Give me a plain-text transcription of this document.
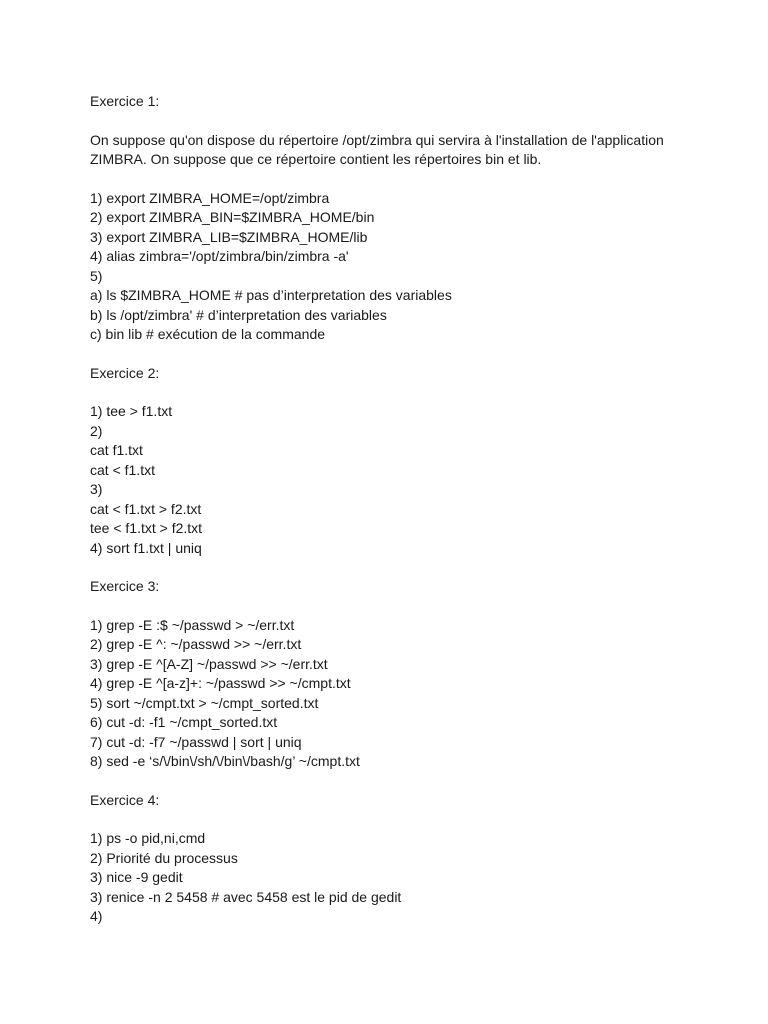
Exercice 1:
On suppose qu'on dispose du répertoire /opt/zimbra qui servira à l'installation de l'application
ZIMBRA. On suppose que ce répertoire contient les répertoires bin et lib.
1) export ZIMBRA_HOME=/opt/zimbra
2) export ZIMBRA_BIN=$ZIMBRA_HOME/bin
3) export ZIMBRA_LIB=$ZIMBRA_HOME/lib
4) alias zimbra='/opt/zimbra/bin/zimbra -a'
5)
a) ls $ZIMBRA_HOME # pas d’interpretation des variables
b) ls /opt/zimbra' # d’interpretation des variables
c) bin lib # exécution de la commande
Exercice 2:
1) tee > f1.txt
2)
cat f1.txt
cat < f1.txt
3)
cat < f1.txt > f2.txt
tee < f1.txt > f2.txt
4) sort f1.txt | uniq
Exercice 3:
1) grep -E :$ ~/passwd > ~/err.txt
2) grep -E ^: ~/passwd >> ~/err.txt
3) grep -E ^[A-Z] ~/passwd >> ~/err.txt
4) grep -E ^[a-z]+: ~/passwd >> ~/cmpt.txt
5) sort ~/cmpt.txt > ~/cmpt_sorted.txt
6) cut -d: -f1 ~/cmpt_sorted.txt
7) cut -d: -f7 ~/passwd | sort | uniq
8) sed -e ‘s/\/bin\/sh/\/bin\/bash/g’ ~/cmpt.txt
Exercice 4:
1) ps -o pid,ni,cmd
2) Priorité du processus
3) nice -9 gedit
3) renice -n 2 5458 # avec 5458 est le pid de gedit
4)
